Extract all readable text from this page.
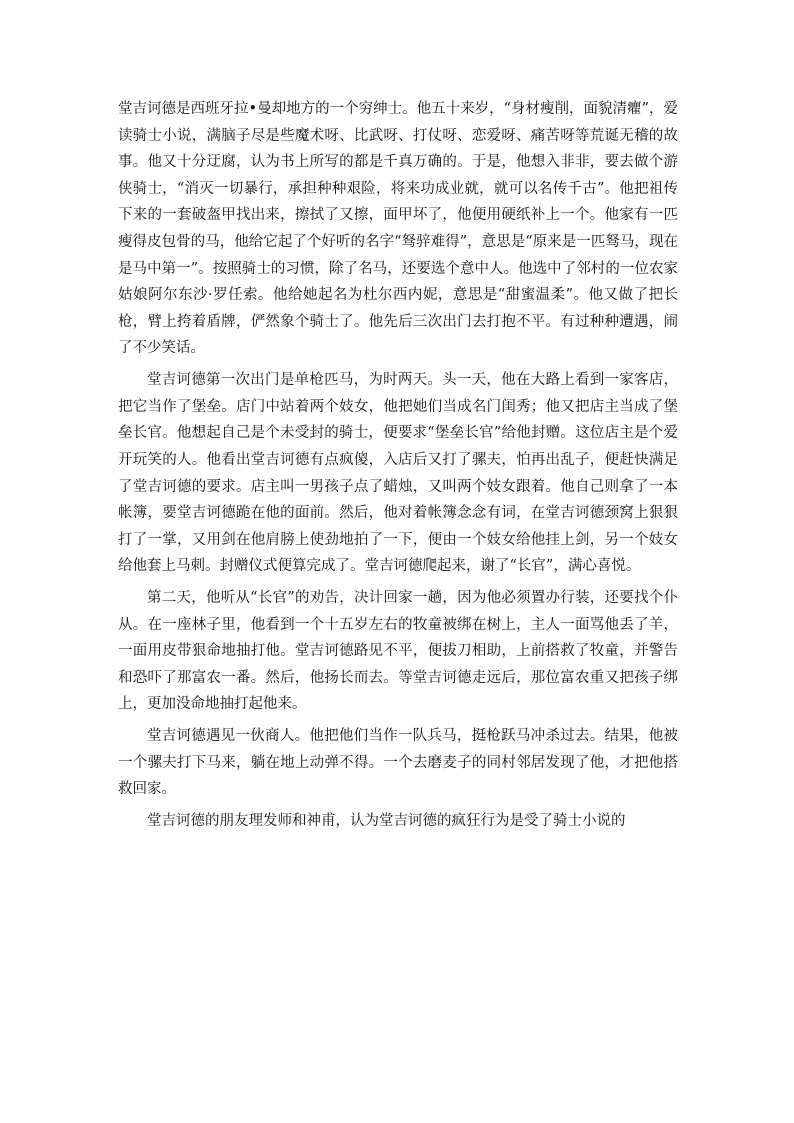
堂吉诃德是西班牙拉•曼却地方的一个穷绅士。他五十来岁，“身材瘦削，面貌清癯”，爱读骑士小说，满脑子尽是些魔术呀、比武呀、打仗呀、恋爱呀、痛苦呀等荒诞无稽的故事。他又十分迂腐，认为书上所写的都是千真万确的。于是，他想入非非，要去做个游侠骑士，“消灭一切暴行，承担种种艰险，将来功成业就，就可以名传千古”。他把祖传下来的一套破盔甲找出来，擦拭了又擦，面甲坏了，他便用硬纸补上一个。他家有一匹瘦得皮包骨的马，他给它起了个好听的名字“驽骍难得”，意思是“原来是一匹驽马，现在是马中第一”。按照骑士的习惯，除了名马，还要选个意中人。他选中了邻村的一位农家姑娘阿尔东沙·罗任索。他给她起名为杜尔西内妮，意思是“甜蜜温柔”。他又做了把长枪，臂上挎着盾牌，俨然象个骑士了。他先后三次出门去打抱不平。有过种种遭遇，闹了不少笑话。

堂吉诃德第一次出门是单枪匹马，为时两天。头一天，他在大路上看到一家客店，把它当作了堡垒。店门中站着两个妓女，他把她们当成名门闺秀；他又把店主当成了堡垒长官。他想起自己是个未受封的骑士，便要求“堡垒长官”给他封赠。这位店主是个爱开玩笑的人。他看出堂吉诃德有点疯傻，入店后又打了骡夫，怕再出乱子，便赶快满足了堂吉诃德的要求。店主叫一男孩子点了蜡烛，又叫两个妓女跟着。他自己则拿了一本帐簿，要堂吉诃德跪在他的面前。然后，他对着帐簿念念有词，在堂吉诃德颈窝上狠狠打了一掌，又用剑在他肩膀上使劲地拍了一下，便由一个妓女给他挂上剑，另一个妓女给他套上马刺。封赠仪式便算完成了。堂吉诃德爬起来，谢了“长官”，满心喜悦。

第二天，他听从“长官”的劝告，决计回家一趟，因为他必须置办行装，还要找个仆从。在一座林子里，他看到一个十五岁左右的牧童被绑在树上，主人一面骂他丢了羊，一面用皮带狠命地抽打他。堂吉诃德路见不平，便拔刀相助，上前搭救了牧童，并警告和恐吓了那富农一番。然后，他扬长而去。等堂吉诃德走远后，那位富农重又把孩子绑上，更加没命地抽打起他来。

堂吉诃德遇见一伙商人。他把他们当作一队兵马，挺枪跃马冲杀过去。结果，他被一个骡夫打下马来，躺在地上动弹不得。一个去磨麦子的同村邻居发现了他，才把他搭救回家。

堂吉诃德的朋友理发师和神甫，认为堂吉诃德的疯狂行为是受了骑士小说的
